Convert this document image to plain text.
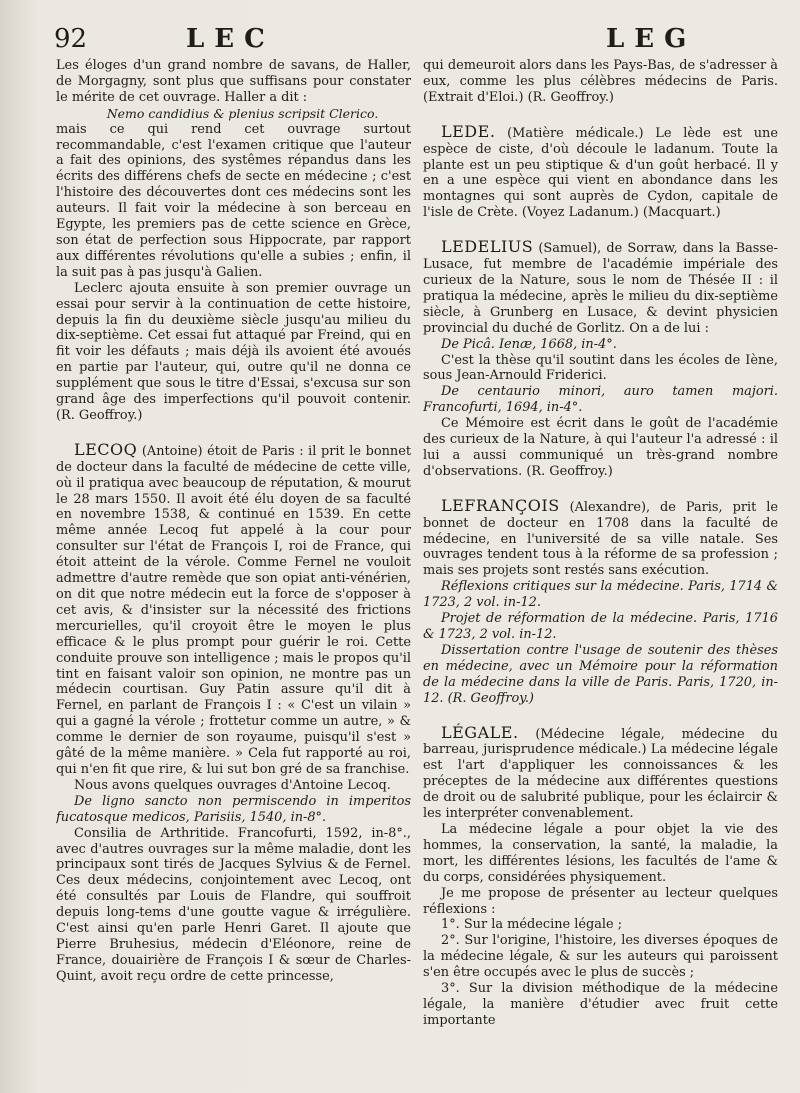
92	LEC	LEG

Les éloges d'un grand nombre de savans, de Haller, de Morgagny, sont plus que suffisans pour constater le mérite de cet ouvrage. Haller a dit :

Nemo candidius & plenius scripsit Clerico.

mais ce qui rend cet ouvrage surtout recommandable, c'est l'examen critique que l'auteur a fait des opinions, des systêmes répandus dans les écrits des différens chefs de secte en médecine ; c'est l'histoire des découvertes dont ces médecins sont les auteurs. Il fait voir la médecine à son berceau en Egypte, les premiers pas de cette science en Grèce, son état de perfection sous Hippocrate, par rapport aux différentes révolutions qu'elle a subies ; enfin, il la suit pas à pas jusqu'à Galien.

Leclerc ajouta ensuite à son premier ouvrage un essai pour servir à la continuation de cette histoire, depuis la fin du deuxième siècle jusqu'au milieu du dix-septième. Cet essai fut attaqué par Freind, qui en fit voir les défauts ; mais déjà ils avoient été avoués en partie par l'auteur, qui, outre qu'il ne donna ce supplément que sous le titre d'Essai, s'excusa sur son grand âge des imperfections qu'il pouvoit contenir. (R. Geoffroy.)

LECOQ (Antoine) étoit de Paris : il prit le bonnet de docteur dans la faculté de médecine de cette ville, où il pratiqua avec beaucoup de réputation, & mourut le 28 mars 1550. Il avoit été élu doyen de sa faculté en novembre 1538, & continué en 1539. En cette même année Lecoq fut appelé à la cour pour consulter sur l'état de François I, roi de France, qui étoit atteint de la vérole. Comme Fernel ne vouloit admettre d'autre remède que son opiat anti-vénérien, on dit que notre médecin eut la force de s'opposer à cet avis, & d'insister sur la nécessité des frictions mercurielles, qu'il croyoit être le moyen le plus efficace & le plus prompt pour guérir le roi. Cette conduite prouve son intelligence ; mais le propos qu'il tint en faisant valoir son opinion, ne montre pas un médecin courtisan. Guy Patin assure qu'il dit à Fernel, en parlant de François I : « C'est un vilain » qui a gagné la vérole ; frottetur comme un autre, » & comme le dernier de son royaume, puisqu'il s'est » gâté de la même manière. » Cela fut rapporté au roi, qui n'en fit que rire, & lui sut bon gré de sa franchise.

Nous avons quelques ouvrages d'Antoine Lecoq.

De ligno sancto non permiscendo in imperitos fucatosque medicos, Parisiis, 1540, in-8°.

Consilia de Arthritide. Francofurti, 1592, in-8°., avec d'autres ouvrages sur la même maladie, dont les principaux sont tirés de Jacques Sylvius & de Fernel. Ces deux médecins, conjointement avec Lecoq, ont été consultés par Louis de Flandre, qui souffroit depuis long-tems d'une goutte vague & irrégulière. C'est ainsi qu'en parle Henri Garet. Il ajoute que Pierre Bruhesius, médecin d'Eléonore, reine de France, douairière de François I & sœur de Charles-Quint, avoit reçu ordre de cette princesse,

qui demeuroit alors dans les Pays-Bas, de s'adresser à eux, comme les plus célèbres médecins de Paris. (Extrait d'Eloi.) (R. Geoffroy.)

LEDE. (Matière médicale.) Le lède est une espèce de ciste, d'où découle le ladanum. Toute la plante est un peu stiptique & d'un goût herbacé. Il y en a une espèce qui vient en abondance dans les montagnes qui sont auprès de Cydon, capitale de l'isle de Crète. (Voyez Ladanum.) (Macquart.)

LEDELIUS (Samuel), de Sorraw, dans la Basse-Lusace, fut membre de l'académie impériale des curieux de la Nature, sous le nom de Thésée II : il pratiqua la médecine, après le milieu du dix-septième siècle, à Grunberg en Lusace, & devint physicien provincial du duché de Gorlitz. On a de lui :

De Picâ. Ienæ, 1668, in-4°.

C'est la thèse qu'il soutint dans les écoles de Iène, sous Jean-Arnould Friderici.

De centaurio minori, auro tamen majori. Francofurti, 1694, in-4°.

Ce Mémoire est écrit dans le goût de l'académie des curieux de la Nature, à qui l'auteur l'a adressé : il lui a aussi communiqué un très-grand nombre d'observations. (R. Geoffroy.)

LEFRANÇOIS (Alexandre), de Paris, prit le bonnet de docteur en 1708 dans la faculté de médecine, en l'université de sa ville natale. Ses ouvrages tendent tous à la réforme de sa profession ; mais ses projets sont restés sans exécution.

Réflexions critiques sur la médecine. Paris, 1714 & 1723, 2 vol. in-12.

Projet de réformation de la médecine. Paris, 1716 & 1723, 2 vol. in-12.

Dissertation contre l'usage de soutenir des thèses en médecine, avec un Mémoire pour la réformation de la médecine dans la ville de Paris. Paris, 1720, in-12. (R. Geoffroy.)

LÉGALE. (Médecine légale, médecine du barreau, jurisprudence médicale.) La médecine légale est l'art d'appliquer les connoissances & les préceptes de la médecine aux différentes questions de droit ou de salubrité publique, pour les éclaircir & les interpréter convenablement.

La médecine légale a pour objet la vie des hommes, la conservation, la santé, la maladie, la mort, les différentes lésions, les facultés de l'ame & du corps, considérées physiquement.

Je me propose de présenter au lecteur quelques réflexions :

1°. Sur la médecine légale ;

2°. Sur l'origine, l'histoire, les diverses époques de la médecine légale, & sur les auteurs qui paroissent s'en être occupés avec le plus de succès ;

3°. Sur la division méthodique de la médecine légale, la manière d'étudier avec fruit cette importante
